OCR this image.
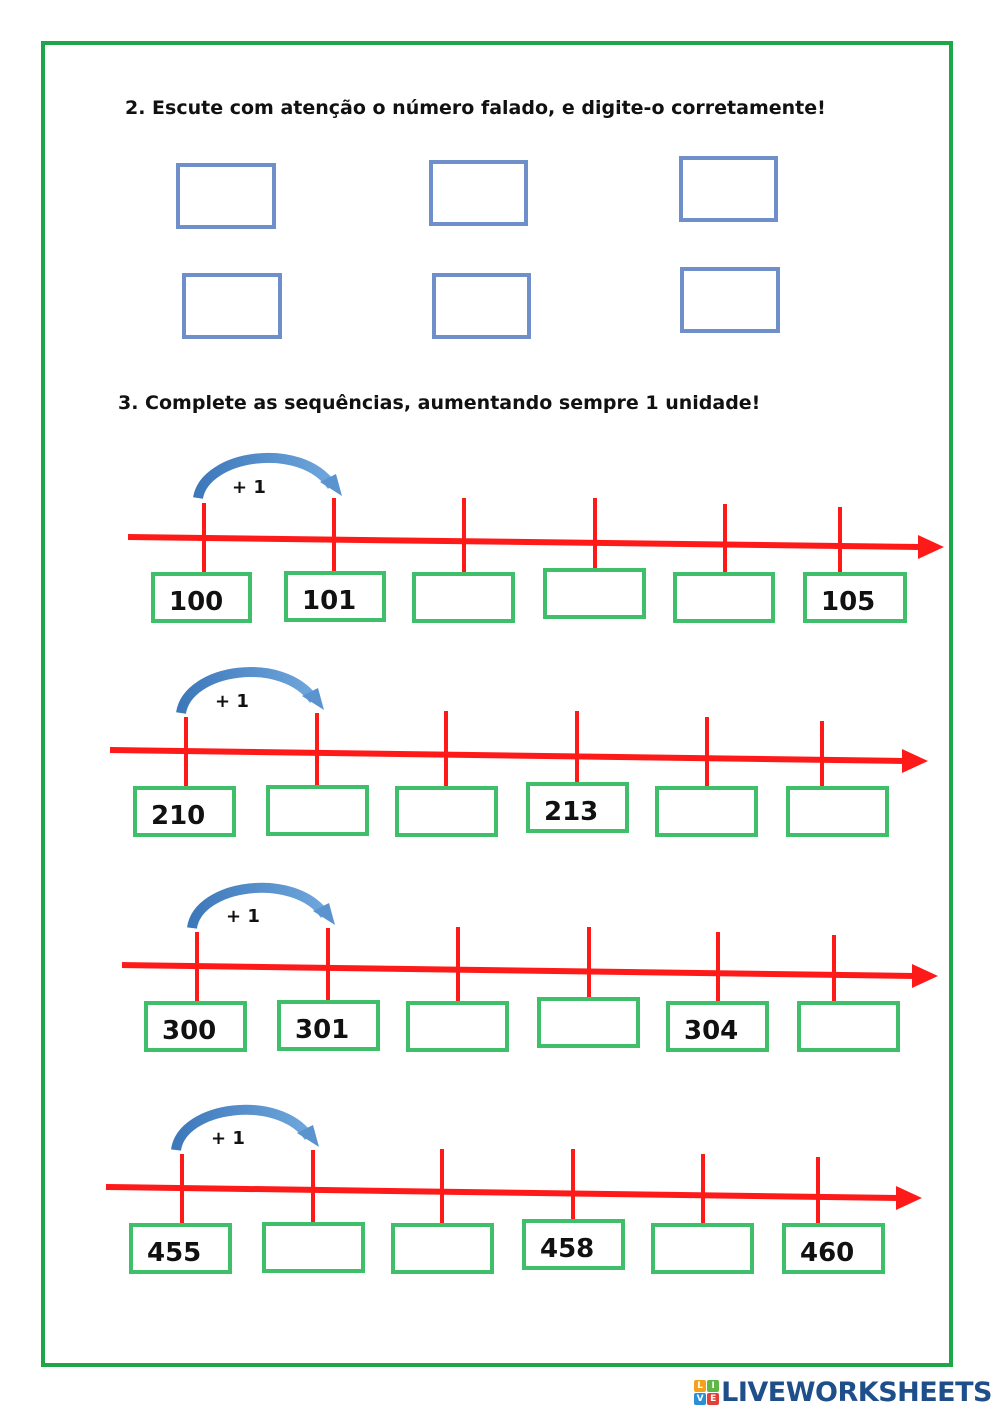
2. Escute com atenção o número falado, e digite-o corretamente!
3. Complete as sequências, aumentando sempre 1 unidade!
+ 1
+ 1
+ 1
+ 1
100	101	105
210	213
300	301	304
455	458	460
L I
V E LIVEWORKSHEETS
